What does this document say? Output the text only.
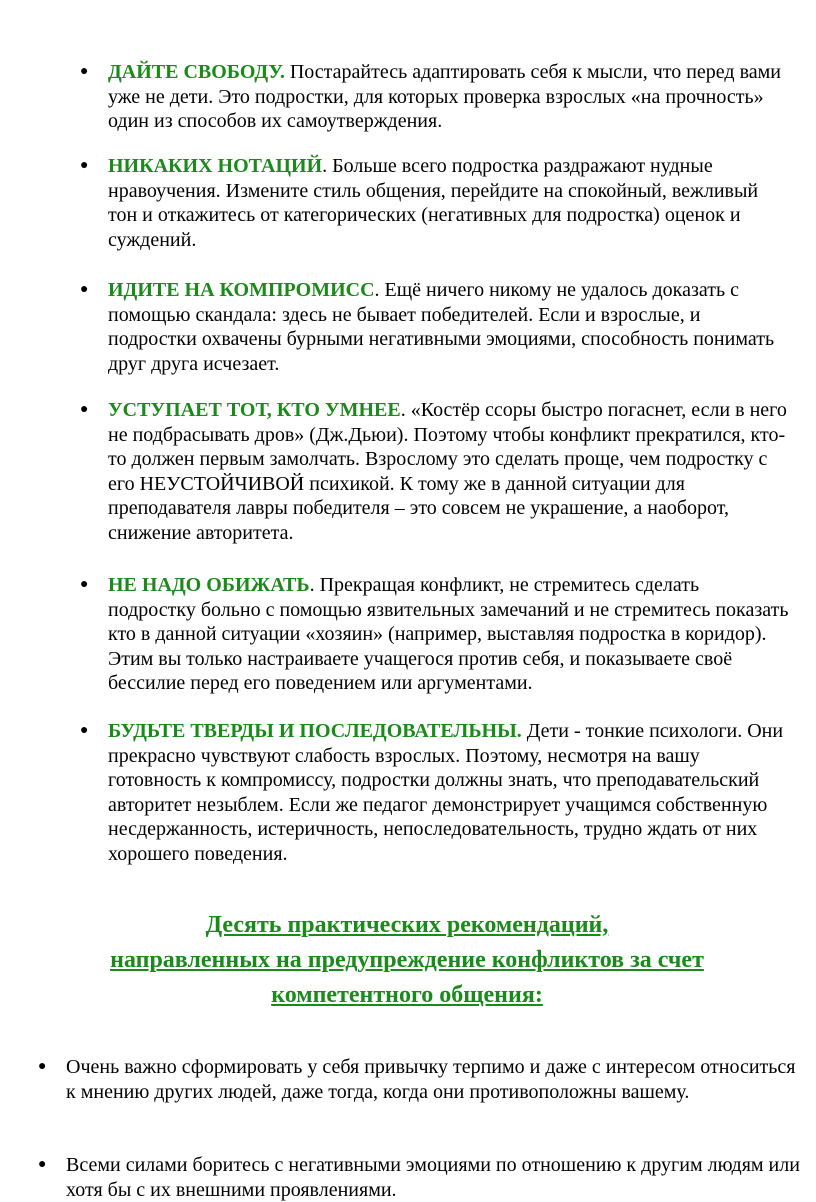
● ДАЙТЕ СВОБОДУ. Постарайтесь адаптировать себя к мысли, что перед вами уже не дети. Это подростки, для которых проверка взрослых «на прочность» один из способов их самоутверждения.
● НИКАКИХ НОТАЦИЙ. Больше всего подростка раздражают нудные нравоучения. Измените стиль общения, перейдите на спокойный, вежливый тон и откажитесь от категорических (негативных для подростка) оценок и суждений.
● ИДИТЕ НА КОМПРОМИСС. Ещё ничего никому не удалось доказать с помощью скандала: здесь не бывает победителей. Если и взрослые, и подростки охвачены бурными негативными эмоциями, способность понимать друг друга исчезает.
● УСТУПАЕТ ТОТ, КТО УМНЕЕ. «Костёр ссоры быстро погаснет, если в него не подбрасывать дров» (Дж.Дьюи). Поэтому чтобы конфликт прекратился, кто-то должен первым замолчать. Взрослому это сделать проще, чем подростку с его НЕУСТОЙЧИВОЙ психикой. К тому же в данной ситуации для преподавателя лавры победителя – это совсем не украшение, а наоборот, снижение авторитета.
● НЕ НАДО ОБИЖАТЬ. Прекращая конфликт, не стремитесь сделать подростку больно с помощью язвительных замечаний и не стремитесь показать кто в данной ситуации «хозяин» (например, выставляя подростка в коридор). Этим вы только настраиваете учащегося против себя, и показываете своё бессилие перед его поведением или аргументами.
● БУДЬТЕ ТВЕРДЫ И ПОСЛЕДОВАТЕЛЬНЫ. Дети - тонкие психологи. Они прекрасно чувствуют слабость взрослых. Поэтому, несмотря на вашу готовность к компромиссу, подростки должны знать, что преподавательский авторитет незыблем. Если же педагог демонстрирует учащимся собственную несдержанность, истеричность, непоследовательность, трудно ждать от них хорошего поведения.
Десять практических рекомендаций,
направленных на предупреждение конфликтов за счет
компетентного общения:
● Очень важно сформировать у себя привычку терпимо и даже с интересом относиться к мнению других людей, даже тогда, когда они противоположны вашему.
● Всеми силами боритесь с негативными эмоциями по отношению к другим людям или хотя бы с их внешними проявлениями.
